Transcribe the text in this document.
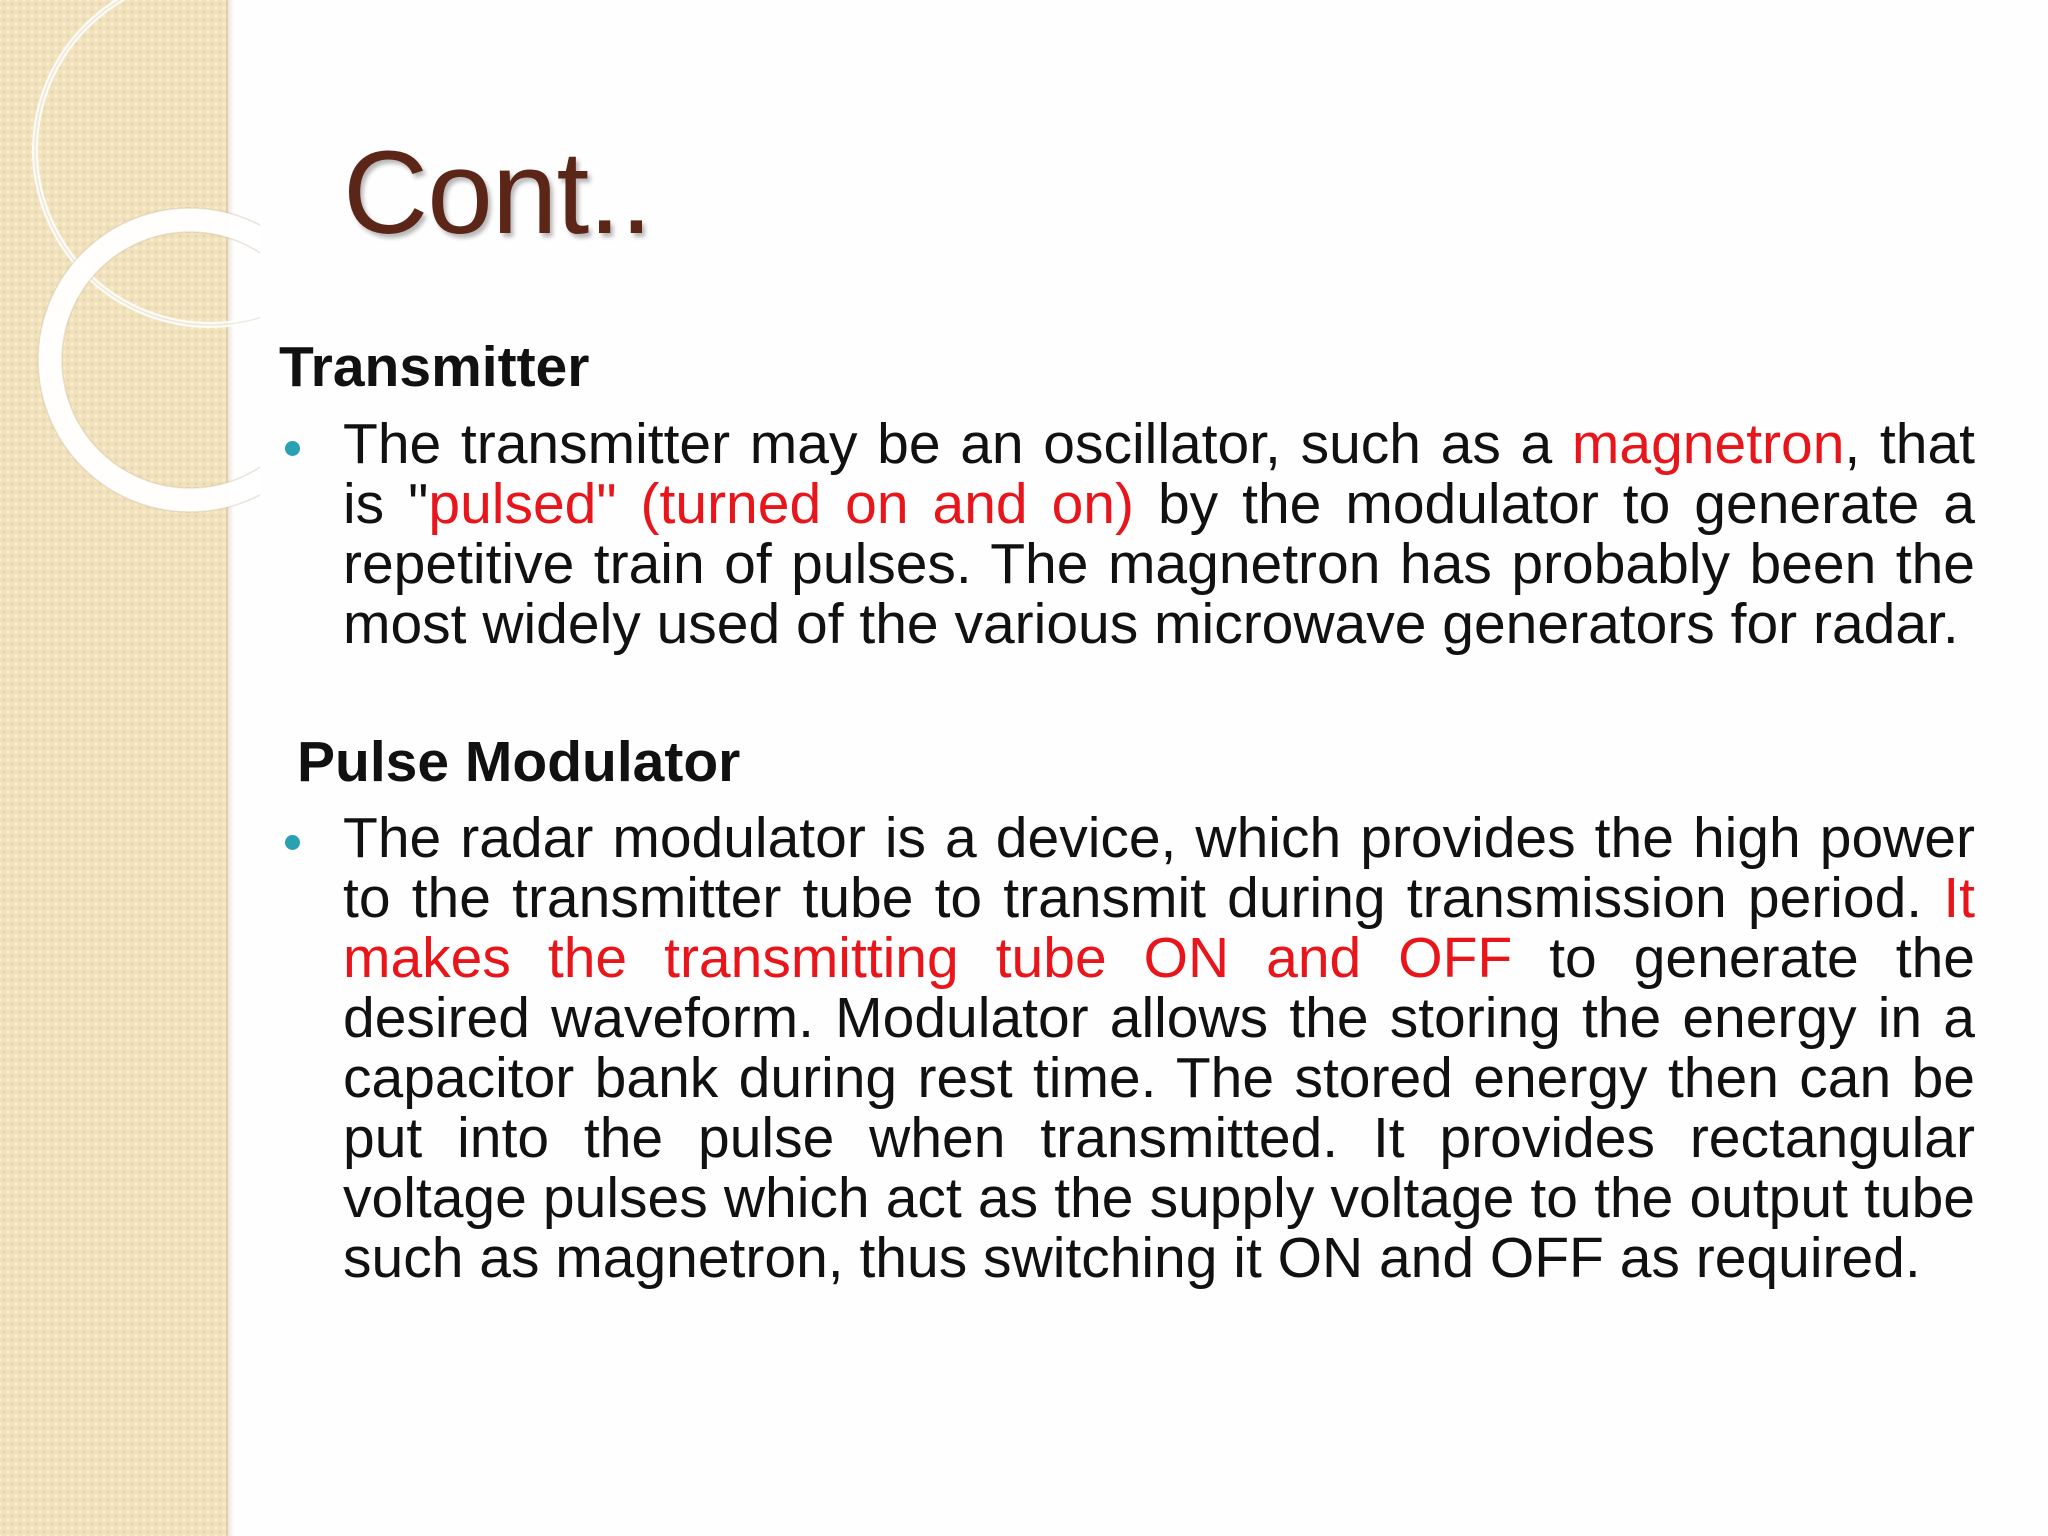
Cont..
Transmitter

The transmitter may be an oscillator, such as a magnetron, that is "pulsed" (turned on and on) by the modulator to generate a repetitive train of pulses. The magnetron has probably been the most widely used of the various microwave generators for radar.

Pulse Modulator

The radar modulator is a device, which provides the high power to the transmitter tube to transmit during transmission period. It makes the transmitting tube ON and OFF to generate the desired waveform. Modulator allows the storing the energy in a capacitor bank during rest time. The stored energy then can be put into the pulse when transmitted. It provides rectangular voltage pulses which act as the supply voltage to the output tube such as magnetron, thus switching it ON and OFF as required.
